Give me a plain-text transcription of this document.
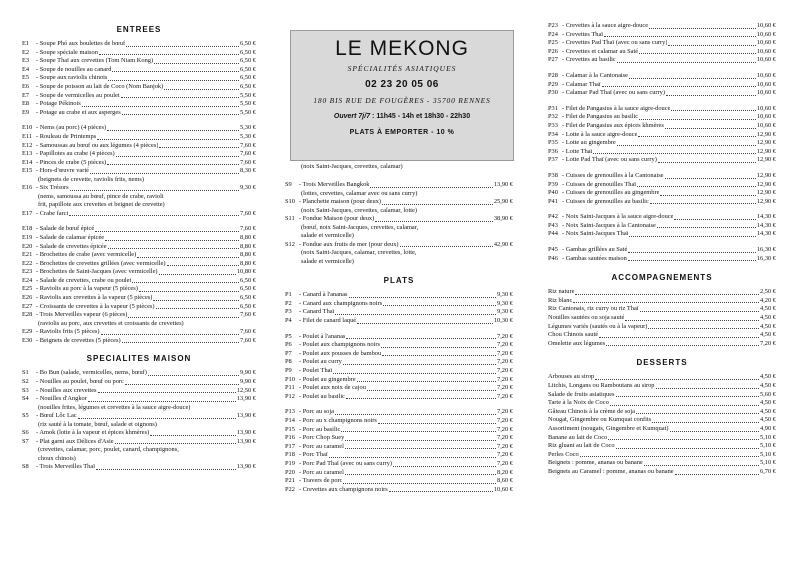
ENTREES
E1	- Soupe Phó aux boulettes de bœuf	6,50 €
E2	- Soupe spéciale maison	6,50 €
E3	- Soupe Thaï aux crevettes (Tom Niam Kong)	6,50 €
E4	- Soupe de nouilles au canard	6,50 €
E5	- Soupe aux raviolis chinois	6,50 €
E6	- Soupe de poisson au lait de Coco (Nom Banjok)	6,50 €
E7	- Soupe de vermicelles au poulet	5,50 €
E8	- Potage Pékinois	5,50 €
E9	- Potage au crabe et aux asperges	5,50 €
E10 - Nems (au porc) (4 pièces)	5,30 €
E11 - Rouleau de Printemps	5,30 €
E12 - Samoussas au bœuf ou aux légumes (4 pièces)	7,60 €
E13 - Papillotes au crabe (4 pièces)	7,60 €
E14 - Pinces de crabe (5 pièces)	7,60 €
E15 - Hors-d'œuvre varié	8,30 €
(beignets de crevette, raviolis frits, nems)
E16 - Six Trésors	9,30 €
(nems, samoussa au bœuf, pince de crabe, ravioli
frit, papillote aux crevettes et beignet de crevette)
E17 - Crabe farci	7,60 €
E18 - Salade de bœuf épicé	7,60 €
E19 - Salade de calamar épicée	8,80 €
E20 - Salade de crevettes épicée	8,80 €
E21 - Brochettes de crabe (avec vermicelle)	8,80 €
E22 - Brochettes de crevettes grillées (avec vermicelle)	8,80 €
E23 - Brochettes de Saint-Jacques (avec vermicelle)	10,80 €
E24 - Salade de crevettes, crabe ou poulet	6,50 €
E25 - Raviolis au porc à la vapeur (5 pièces)	6,50 €
E26 - Raviolis aux crevettes à la vapeur (5 pièces)	6,50 €
E27 - Croissants de crevettes à la vapeur (5 pièces)	6,50 €
E28 - Trois Merveilles vapeur (6 pièces)	7,60 €
(raviolis au porc, aux crevettes et croissants de crevettes)
E29 - Raviolis frits (5 pièces)	7,60 €
E30 - Beignets de crevettes (5 pièces)	7,60 €
SPECIALITES MAISON
S1	- Bo Bun (salade, vermicelles, nems, bœuf)	9,90 €
S2	- Nouilles au poulet, bœuf ou porc	9,90 €
S3	- Nouilles aux crevettes	12,50 €
S4	- Nouilles d'Angkor	13,90 €
(nouilles frites, légumes et crevettes à la sauce aigre-douce)
S5	- Bœuf Lôc Lac	13,90 €
(riz sauté à la tomate, bœuf, salade et oignons)
S6	- Amok (lotte à la vapeur et épices khmères)	13,90 €
S7	- Plat garni aux Délices d'Asie	13,90 €
(crevettes, calamar, porc, poulet, canard, champignons,
choux chinois)
S8	- Trois Merveilles Thaï	13,90 €
LE MEKONG
SPÉCIALITÉS ASIATIQUES
02 23 20 05 06
180 BIS RUE DE FOUGÈRES - 35700 RENNES
Ouvert 7j/7 : 11h45 - 14h et 18h30 - 22h30
PLATS À EMPORTER - 10 %
(noix Saint-Jacques, crevettes, calamar)
S9	- Trois Merveilles Bangkok	13,90 €
(lottes, crevettes, calamar avec ou sans curry)
S10 - Planchette maison (pour deux)	25,90 €
(noix Saint-Jacques, crevettes, calamar, lotte)
S11 - Fondue Maison (pour deux)	38,90 €
(bœuf, noix Saint-Jacques, crevettes, calamar,
salade et vermicelle)
S12 - Fondue aux fruits de mer (pour deux)	42,90 €
(noix Saint-Jacques, calamar, crevettes, lotte,
salade et vermicelle)
PLATS
P1	- Canard à l'ananas	9,30 €
P2	- Canard aux champignons noirs	9,30 €
P3	- Canard Thaï	9,30 €
P4	- Filet de canard laqué	10,30 €
P5	- Poulet à l'ananas	7,20 €
P6	- Poulet aux champignons noirs	7,20 €
P7	- Poulet aux pousses de bambou	7,20 €
P8	- Poulet au curry	7,20 €
P9	- Poulet Thaï	7,20 €
P10 - Poulet au gingembre	7,20 €
P11 - Poulet aux noix de cajou	7,20 €
P12 - Poulet au basilic	7,20 €
P13 - Porc au soja	7,20 €
P14 - Porc au x champignons noirs	7,20 €
P15 - Porc au basilic	7,20 €
P16 - Porc Chop Suey	7,20 €
P17 - Porc au caramel	7,20 €
P18 - Porc Thaï	7,20 €
P19 - Porc Pad Thaï (avec ou sans curry)	7,20 €
P20 - Porc au caramel	8,20 €
P21 - Travers de porc	8,60 €
P22 - Crevettes aux champignons noirs	10,60 €
P23 - Crevettes à la sauce aigre-douce	10,60 €
P24 - Crevettes Thaï	10,60 €
P25 - Crevettes Pad Thaï (avec ou sans curry)	10,60 €
P26 - Crevettes et calamar au Saté	10,60 €
P27 - Crevettes au basilic	10,60 €
P28 - Calamar à la Cantonaise	10,60 €
P29 - Calamar Thaï	10,60 €
P30 - Calamar Pad Thaï (avec ou sans curry)	10,60 €
P31 - Filet de Pangasius à la sauce aigre-douce	10,60 €
P32 - Filet de Pangasius au basilic	10,60 €
P33 - Filet de Pangasius aux épices khmères	10,60 €
P34 - Lotte à la sauce aigre-douce	12,90 €
P35 - Lotte au gingembre	12,90 €
P36 - Lotte Thaï	12,90 €
P37 - Lotte Pad Thaï (avec ou sans curry)	12,90 €
P38 - Cuisses de grenouilles à la Cantonaise	12,90 €
P39 - Cuisses de grenouilles Thaï	12,90 €
P40 - Cuisses de grenouilles au gingembre	12,90 €
P41 - Cuisses de grenouilles au basilic	12,90 €
P42 - Noix Saint-Jacques à la sauce aigre-douce	14,30 €
P43 - Noix Saint-Jacques à la Cantonaise	14,30 €
P44 - Noix Saint-Jacques Thaï	14,30 €
P45 - Gambas grillées au Saté	16,30 €
P46 - Gambas sautées maison	16,30 €
ACCOMPAGNEMENTS
Riz nature	2,50 €
Riz blanc	4,20 €
Riz Cantonais, riz curry ou riz Thaï	4,50 €
Nouilles sautées ou soja sauté	4,50 €
Légumes variés (sautés ou à la vapeur)	4,50 €
Chou Chinois sauté	4,50 €
Omelette aux légumes	7,20 €
DESSERTS
Arbouses au sirop	4,50 €
Litchis, Longans ou Ramboutans au sirop	4,50 €
Salade de fruits asiatiques	5,60 €
Tarte à la Noix de Coco	4,50 €
Gâteau Chinois à la crème de soja	4,50 €
Nougat, Gingembre ou Kumquat confits	4,50 €
Assortiment (nougats, Gingembre et Kumquat)	4,90 €
Banane au lait de Coco	5,10 €
Riz gluant au lait de Coco	5,10 €
Perles Coco	5,10 €
Beignets : pomme, ananas ou banane	5,10 €
Beignets au Caramel : pomme, ananas ou banane	6,70 €
